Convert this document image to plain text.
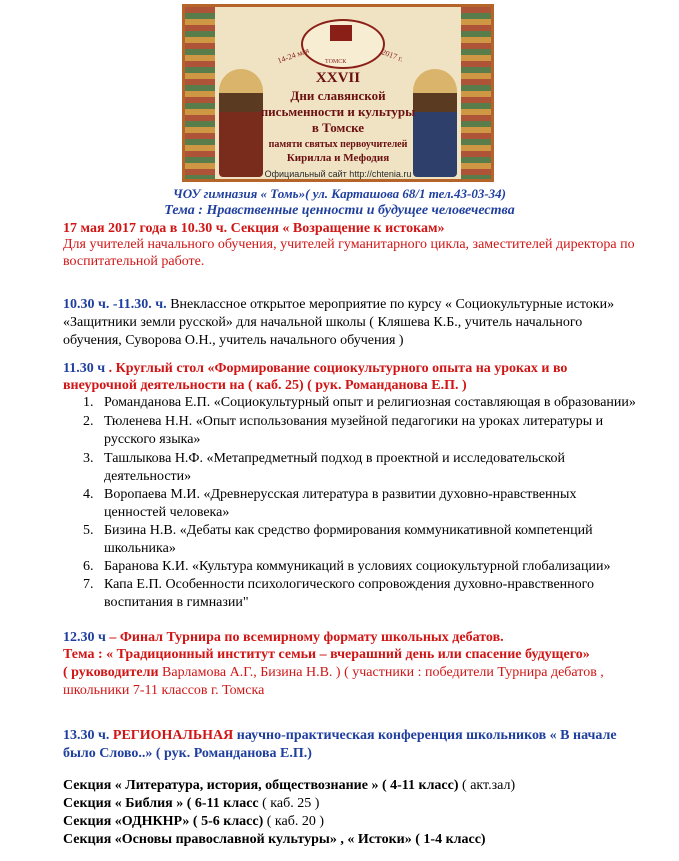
14-24 мая	2017 г.
ТОМСК
XXVII
Дни славянской
письменности и культуры
в Томске
памяти святых первоучителей
Кирилла и Мефодия
Официальный сайт http://chtenia.ru
ЧОУ гимназия « Томь»( ул. Карташова 68/1 тел.43-03-34)
Тема : Нравственные ценности и будущее человечества
17 мая 2017 года в 10.30 ч. Секция « Возращение к истокам»
Для учителей начального обучения, учителей гуманитарного цикла, заместителей директора по
воспитательной работе.
10.30 ч. -11.30. ч. Внеклассное открытое мероприятие по курсу « Социокультурные истоки»
«Защитники земли русской» для начальной школы ( Кляшева К.Б., учитель начального
обучения, Суворова О.Н., учитель начального обучения )
11.30 ч . Круглый стол «Формирование социокультурного опыта на уроках и во
внеурочной деятельности на ( каб. 25) ( рук. Романданова Е.П. )
1. Романданова Е.П. «Социокультурный опыт и религиозная составляющая в образовании»
2. Тюленева Н.Н. «Опыт использования музейной педагогики на уроках литературы и
русского языка»
3. Ташлыкова Н.Ф. «Метапредметный подход в проектной и исследовательской
деятельности»
4. Воропаева М.И. «Древнерусская литература в развитии духовно-нравственных
ценностей человека»
5. Бизина Н.В. «Дебаты как средство формирования коммуникативной компетенций
школьника»
6. Баранова К.И. «Культура коммуникаций в условиях социокультурной глобализации»
7. Капа Е.П. Особенности психологического сопровождения духовно-нравственного
воспитания в гимназии"
12.30 ч – Финал Турнира по всемирному формату школьных дебатов.
Тема : « Традиционный институт семьи – вчерашний день или спасение будущего»
( руководители Варламова А.Г., Бизина Н.В. ) ( участники : победители Турнира дебатов ,
школьники 7-11 классов г. Томска
13.30 ч. РЕГИОНАЛЬНАЯ научно-практическая конференция школьников « В начале
было Слово..» ( рук. Романданова Е.П.)
Секция « Литература, история, обществознание » ( 4-11 класс) ( акт.зал)
Секция « Библия » ( 6-11 класс ( каб. 25 )
Секция «ОДНКНР» ( 5-6 класс) ( каб. 20 )
Секция «Основы православной культуры» , « Истоки» ( 1-4 класс)
